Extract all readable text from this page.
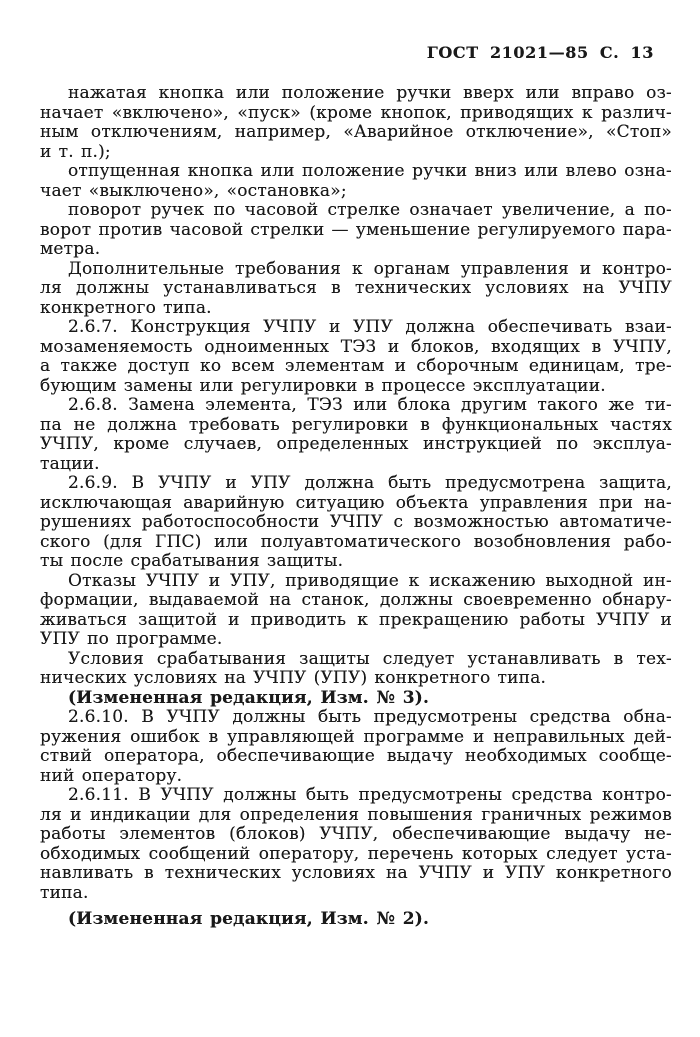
ГОСТ 21021—85 С. 13
нажатая кнопка или положение ручки вверх или вправо оз-
начает «включено», «пуск» (кроме кнопок, приводящих к различ-
ным отключениям, например, «Аварийное отключение», «Стоп»
и т. п.);
отпущенная кнопка или положение ручки вниз или влево озна-
чает «выключено», «остановка»;
поворот ручек по часовой стрелке означает увеличение, а по-
ворот против часовой стрелки — уменьшение регулируемого пара-
метра.
Дополнительные требования к органам управления и контро-
ля должны устанавливаться в технических условиях на УЧПУ
конкретного типа.
2.6.7. Конструкция УЧПУ и УПУ должна обеспечивать взаи-
мозаменяемость одноименных ТЭЗ и блоков, входящих в УЧПУ,
а также доступ ко всем элементам и сборочным единицам, тре-
бующим замены или регулировки в процессе эксплуатации.
2.6.8. Замена элемента, ТЭЗ или блока другим такого же ти-
па не должна требовать регулировки в функциональных частях
УЧПУ, кроме случаев, определенных инструкцией по эксплуа-
тации.
2.6.9. В УЧПУ и УПУ должна быть предусмотрена защита,
исключающая аварийную ситуацию объекта управления при на-
рушениях работоспособности УЧПУ с возможностью автоматиче-
ского (для ГПС) или полуавтоматического возобновления рабо-
ты после срабатывания защиты.
Отказы УЧПУ и УПУ, приводящие к искажению выходной ин-
формации, выдаваемой на станок, должны своевременно обнару-
живаться защитой и приводить к прекращению работы УЧПУ и
УПУ по программе.
Условия срабатывания защиты следует устанавливать в тех-
нических условиях на УЧПУ (УПУ) конкретного типа.
(Измененная редакция, Изм. № 3).
2.6.10. В УЧПУ должны быть предусмотрены средства обна-
ружения ошибок в управляющей программе и неправильных дей-
ствий оператора, обеспечивающие выдачу необходимых сообще-
ний оператору.
2.6.11. В УЧПУ должны быть предусмотрены средства контро-
ля и индикации для определения повышения граничных режимов
работы элементов (блоков) УЧПУ, обеспечивающие выдачу не-
обходимых сообщений оператору, перечень которых следует уста-
навливать в технических условиях на УЧПУ и УПУ конкретного
типа.
(Измененная редакция, Изм. № 2).
